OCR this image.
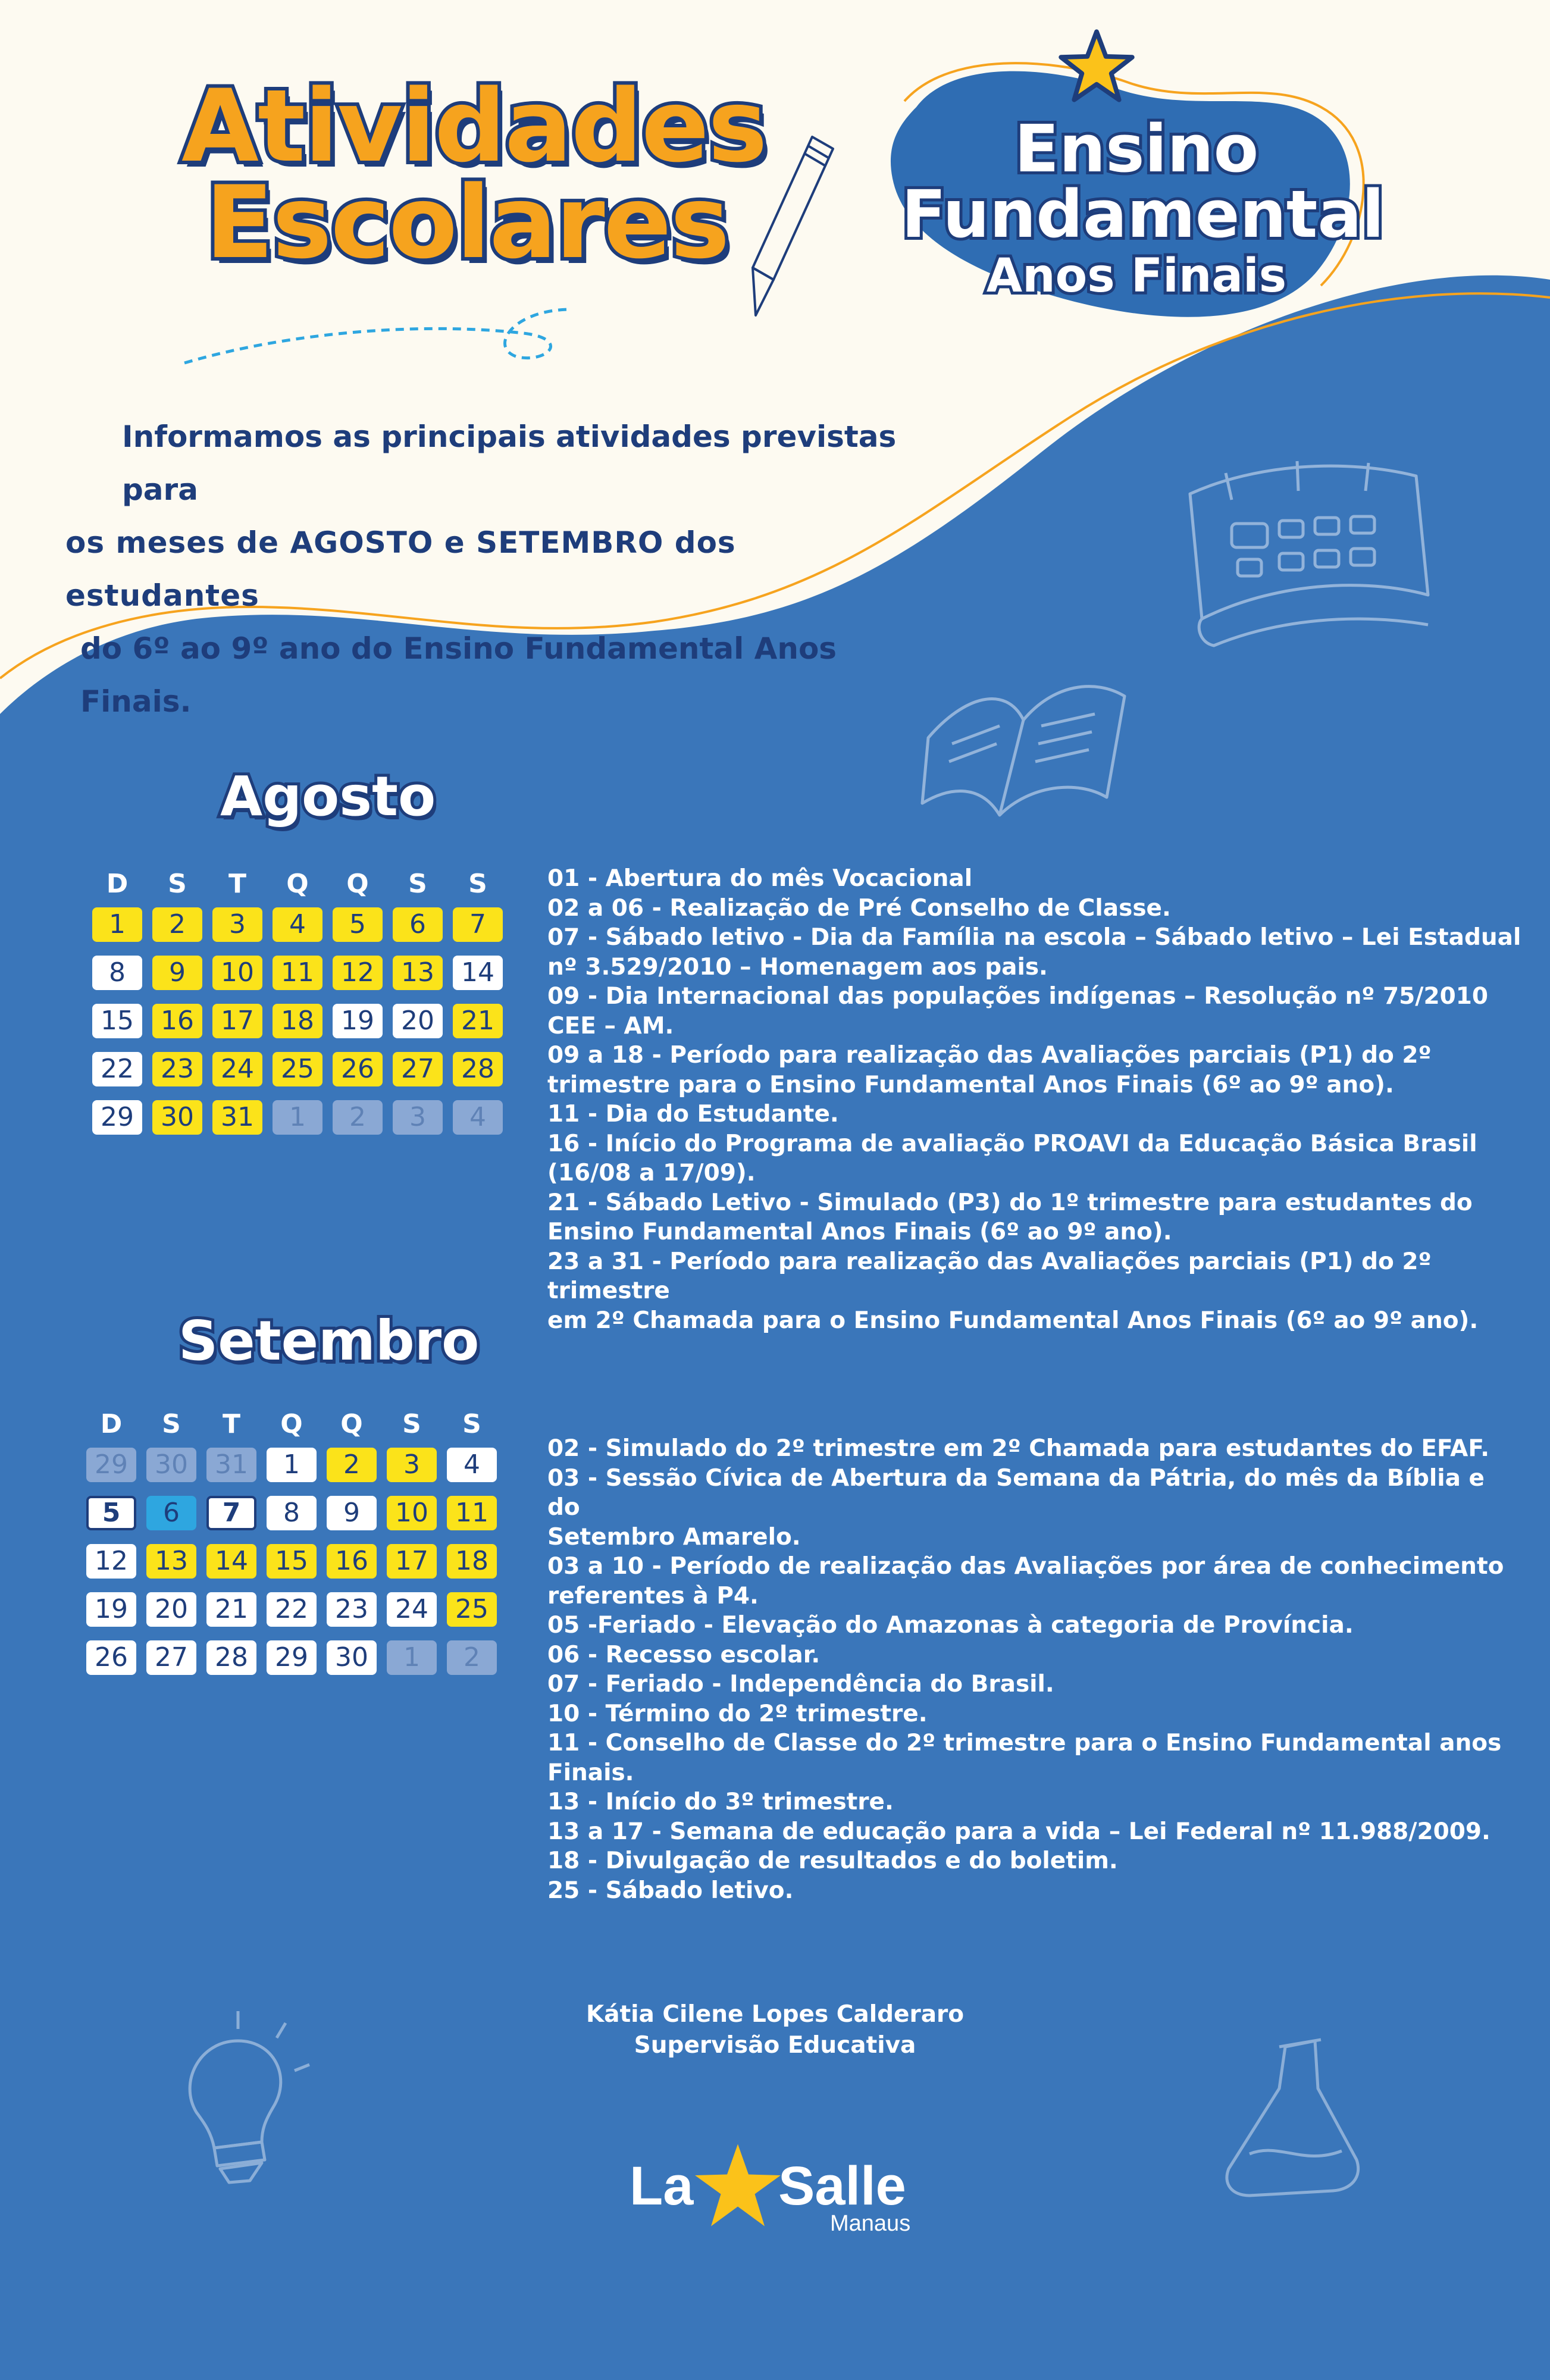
Atividades
Escolares
Ensino
Fundamental
Anos Finais
Informamos as principais atividades previstas para
os meses de AGOSTO e SETEMBRO dos estudantes
do 6º ao 9º ano do Ensino Fundamental Anos Finais.
Agosto
D	S	T	Q	Q	S	S
1	2	3	4	5	6	7
8	9	10	11	12	13	14
15	16	17	18	19	20	21
22	23	24	25	26	27	28
29	30	31	1	2	3	4
01 - Abertura do mês Vocacional
02 a 06 - Realização de Pré Conselho de Classe.
07 - Sábado letivo - Dia da Família na escola – Sábado letivo – Lei Estadual
nº 3.529/2010 – Homenagem aos pais.
09 - Dia Internacional das populações indígenas – Resolução nº 75/2010
CEE – AM.
09 a 18 - Período para realização das Avaliações parciais (P1) do 2º
trimestre para o Ensino Fundamental Anos Finais (6º ao 9º ano).
11 - Dia do Estudante.
16 - Início do Programa de avaliação PROAVI da Educação Básica Brasil
(16/08 a 17/09).
21 - Sábado Letivo - Simulado (P3) do 1º trimestre para estudantes do
Ensino Fundamental Anos Finais (6º ao 9º ano).
23 a 31 - Período para realização das Avaliações parciais (P1) do 2º trimestre
em 2º Chamada para o Ensino Fundamental Anos Finais (6º ao 9º ano).
Setembro
D	S	T	Q	Q	S	S
29	30	31	1	2	3	4
5	6	7	8	9	10	11
12	13	14	15	16	17	18
19	20	21	22	23	24	25
26	27	28	29	30	1	2
02 - Simulado do 2º trimestre em 2º Chamada para estudantes do EFAF.
03 - Sessão Cívica de Abertura da Semana da Pátria, do mês da Bíblia e do
Setembro Amarelo.
03 a 10 - Período de realização das Avaliações por área de conhecimento
referentes à P4.
05 -Feriado - Elevação do Amazonas à categoria de Província.
06 - Recesso escolar.
07 - Feriado - Independência do Brasil.
10 - Término do 2º trimestre.
11 - Conselho de Classe do 2º trimestre para o Ensino Fundamental anos
Finais.
13 - Início do 3º trimestre.
13 a 17 - Semana de educação para a vida – Lei Federal nº 11.988/2009.
18 - Divulgação de resultados e do boletim.
25 - Sábado letivo.
Kátia Cilene Lopes Calderaro
Supervisão Educativa
La Salle
Manaus
